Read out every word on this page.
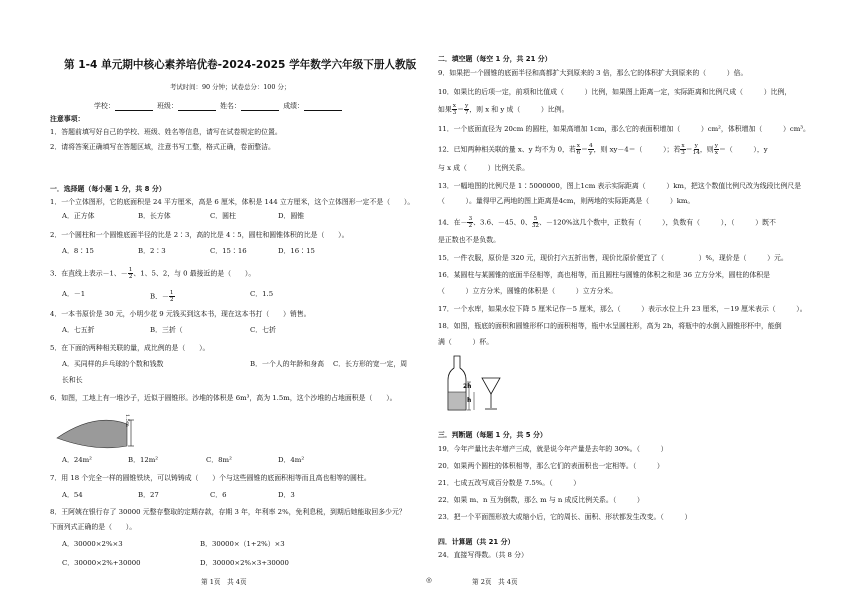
第 1-4 单元期中核心素养培优卷-2024-2025 学年数学六年级下册人教版
考试时间：90 分钟；试卷总分：100 分；
学校：	班级：	姓名：	成绩：
注意事项：
1．答题前填写好自己的学校、班级、姓名等信息，请写在试卷规定的位置。
2．请将答案正确填写在答题区域，注意书写工整，格式正确，卷面整洁。
一．选择题（每小题 1 分，共 8 分）
1．一个立体图形，它的底面积是 24 平方厘米，高是 6 厘米，体积是 144 立方厘米，这个立体图形一定不是（　　）。
A．正方体	B．长方体	C．圆柱	D．圆锥
2．一个圆柱和一个圆锥底面半径的比是 2∶3，高的比是 4∶5，圆柱和圆锥体积的比是（　　）。
A．8∶15	B．2∶3	C．15∶16	D．16∶15
3．在直线上表示－1、－ $\frac{1}{2}$ 、1、5、2，与 0 最接近的是（　　）。
A．－1	B．－ $\frac{1}{2}$	C．1.5
4．一本书原价是 30 元，小明少花 9 元钱买到这本书，现在这本书打（　　）销售。
A．七五折	B．三折（	C．七折
5．在下面的两种相关联的量，成比例的是（　　）。
A．买同样的乒乓球的个数和钱数	B．一个人的年龄和身高 C．长方形的宽一定，周
长和长
6．如图，工地上有一堆沙子，近似于圆锥形。沙堆的体积是 6m³，高为 1.5m，这个沙堆的占地面积是（　　）。
1.5m
A．24m²	B．12m²	C．8m²	D．4m²
7．用 18 个完全一样的圆锥铁块，可以铸铸成（　　）个与这些圆锥的底面积相等而且高也相等的圆柱。
A．54	B．27	C．6	D．3
8．王阿姨在银行存了 30000 元整存整取的定期存款，存期 3 年，年利率 2%，免利息税，到期后她能取回多少元？
下面列式正确的是（　　）。
A．30000×2%×3	B．30000×（1+2%）×3
C．30000×2%+30000	D．30000×2%×3+30000
第 1页　共 4页	◎
二．填空题（每空 1 分，共 21 分）
9．如果把一个圆锥的底面半径和高都扩大到原来的 3 倍，那么它的体积扩大到原来的（　　　）倍。
10．如果比的后项一定，前项和比值成（　　　）比例，如果图上距离一定，实际距离和比例尺成（　　　）比例，
如果 $\frac{x}{3} = \frac{y}{7}$ ，则 x 和 y 成（　　　）比例。
11．一个底面直径为 20cm 的圆柱，如果高增加 1cm，那么它的表面积增加（　　　）cm²，体积增加（　　　）cm³。
12．已知两种相关联的量 x、y 均不为 0，若 $\frac{x}{6} = \frac{4}{y}$ ，则 xy－4＝（　　　）；若 $\frac{x}{3} = \frac{y}{14}$ ，则 $\frac{y}{x}$ ＝（　　　），y
与 x 成（　　　）比例关系。
13．一幅地图的比例尺是 1∶5000000，图上1cm 表示实际距离（　　　）km，把这个数值比例尺改为线段比例尺是
（　　　）。量得甲乙两地的图上距离是4cm，则两地的实际距离是（　　　）km。
14．在－ $\frac{3}{2}$ 、3.6、－45、0、 $\frac{5}{32}$ 、－120%这几个数中，正数有（　　　），负数有（　　　），（　　　）既不
是正数也不是负数。
15．一件衣服，原价是 320 元，现价打六五折出售，现价比原价便宜了（　　　　　）%，现价是（　　　）元。
16．某圆柱与某圆锥的底面半径相等，高也相等，而且圆柱与圆锥的体积之和是 36 立方分米，圆柱的体积是
（　　　）立方分米，圆锥的体积是（　　　）立方分米。
17．一个水库，如果水位下降 5 厘米记作－5 厘米，那么（　　　）表示水位上升 23 厘米，－19 厘米表示（　　　）。
18．如图，瓶底的面积和圆锥形杯口的面积相等，瓶中水呈圆柱形，高为 2h，将瓶中的水倒入圆锥形杯中，能倒
满（　　　）杯。
2h
h
三．判断题（每题 1 分，共 5 分）
19．今年产量比去年增产三成，就是说今年产量是去年的 30%。（　　　）
20．如果两个圆柱的体积相等，那么它们的表面积也一定相等。（　　　）
21．七成五改写成百分数是 7.5%。（　　　）
22．如果 m、n 互为倒数，那么 m 与 n 成反比例关系。（　　　）
23．把一个平面图形放大或缩小后，它的周长、面积、形状都发生改变。（　　　）
四．计算题（共 21 分）
24．直接写得数。（共 8 分）
第 2页　共 4页
